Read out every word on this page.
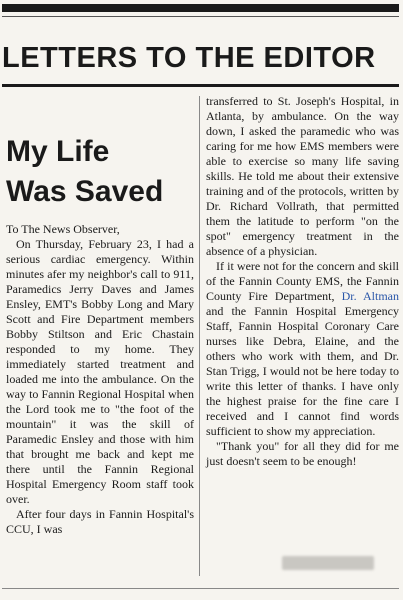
LETTERS TO THE EDITOR
My Life
Was Saved

To The News Observer,

On Thursday, February 23, I had a serious cardiac emergency. Within minutes afer my neighbor's call to 911, Paramedics Jerry Daves and James Ensley, EMT's Bobby Long and Mary Scott and Fire Department members Bobby Stiltson and Eric Chastain responded to my home. They immediately started treatment and loaded me into the ambulance. On the way to Fannin Regional Hospital when the Lord took me to "the foot of the mountain" it was the skill of Paramedic Ensley and those with him that brought me back and kept me there until the Fannin Regional Hospital Emergency Room staff took over.

After four days in Fannin Hospital's CCU, I was

transferred to St. Joseph's Hospital, in Atlanta, by ambulance. On the way down, I asked the paramedic who was caring for me how EMS members were able to exercise so many life saving skills. He told me about their extensive training and of the protocols, written by Dr. Richard Vollrath, that permitted them the latitude to perform "on the spot" emergency treatment in the absence of a physician.

If it were not for the concern and skill of the Fannin County EMS, the Fannin County Fire Department, Dr. Altman and the Fannin Hospital Emergency Staff, Fannin Hospital Coronary Care nurses like Debra, Elaine, and the others who work with them, and Dr. Stan Trigg, I would not be here today to write this letter of thanks. I have only the highest praise for the fine care I received and I cannot find words sufficient to show my appreciation.

"Thank you" for all they did for me just doesn't seem to be enough!
